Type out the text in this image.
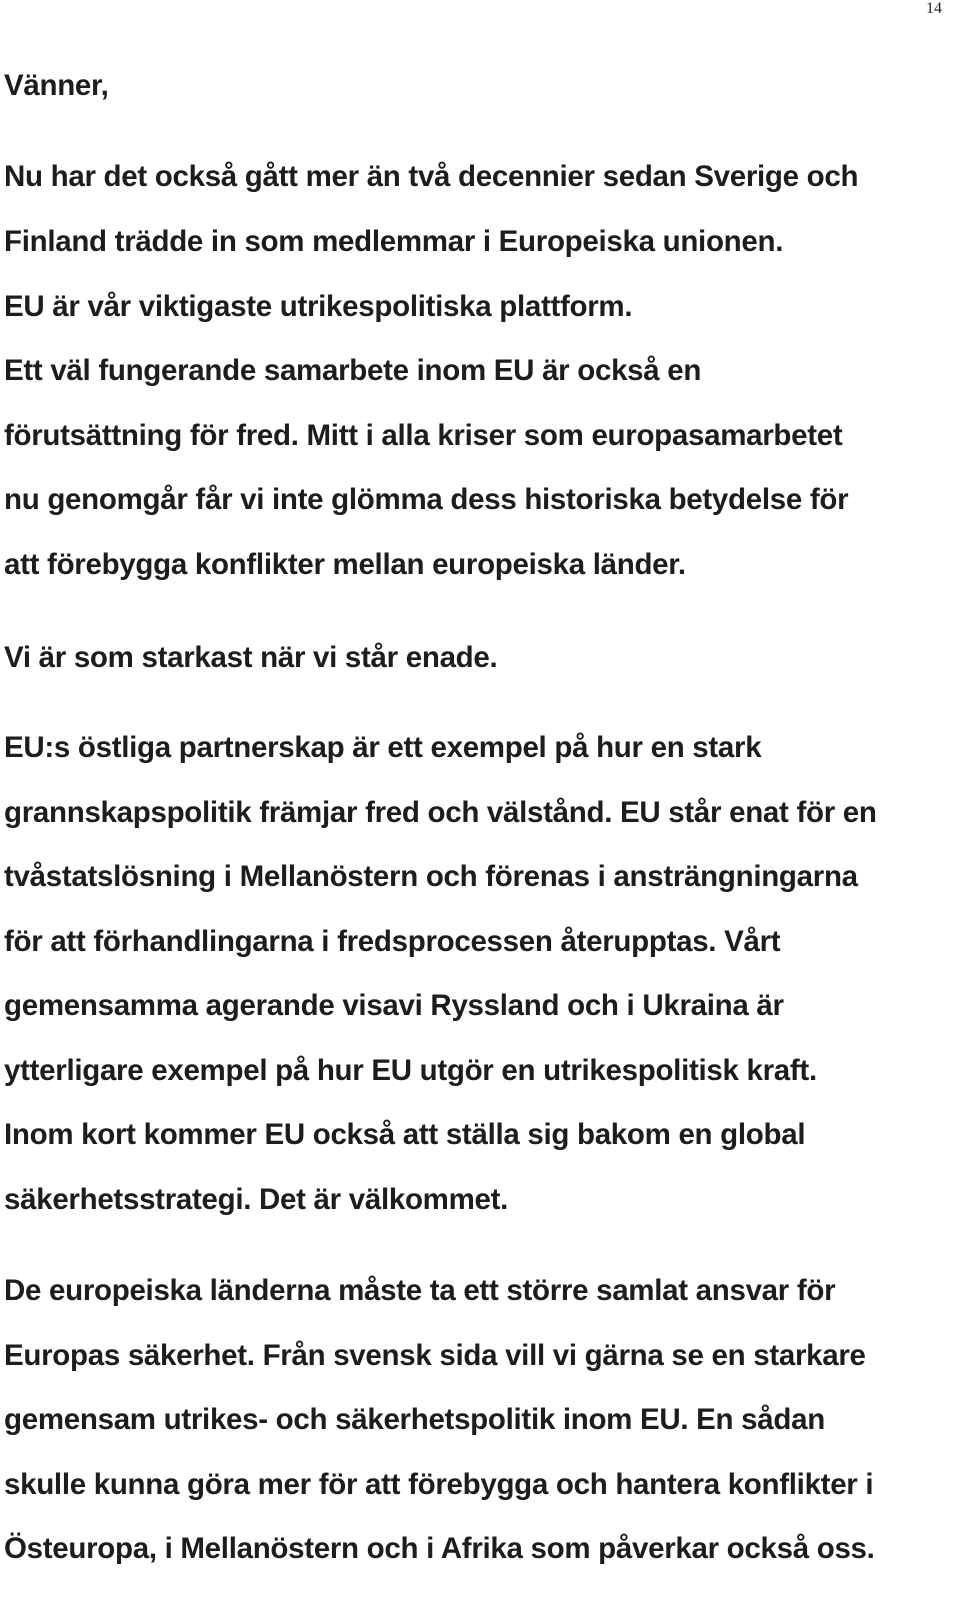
14
Vänner,
Nu har det också gått mer än två decennier sedan Sverige och
Finland trädde in som medlemmar i Europeiska unionen.
EU är vår viktigaste utrikespolitiska plattform.
Ett väl fungerande samarbete inom EU är också en
förutsättning för fred. Mitt i alla kriser som europasamarbetet
nu genomgår får vi inte glömma dess historiska betydelse för
att förebygga konflikter mellan europeiska länder.
Vi är som starkast när vi står enade.
EU:s östliga partnerskap är ett exempel på hur en stark
grannskapspolitik främjar fred och välstånd. EU står enat för en
tvåstatslösning i Mellanöstern och förenas i ansträngningarna
för att förhandlingarna i fredsprocessen återupptas. Vårt
gemensamma agerande visavi Ryssland och i Ukraina är
ytterligare exempel på hur EU utgör en utrikespolitisk kraft.
Inom kort kommer EU också att ställa sig bakom en global
säkerhetsstrategi. Det är välkommet.
De europeiska länderna måste ta ett större samlat ansvar för
Europas säkerhet. Från svensk sida vill vi gärna se en starkare
gemensam utrikes- och säkerhetspolitik inom EU. En sådan
skulle kunna göra mer för att förebygga och hantera konflikter i
Östeuropa, i Mellanöstern och i Afrika som påverkar också oss.
